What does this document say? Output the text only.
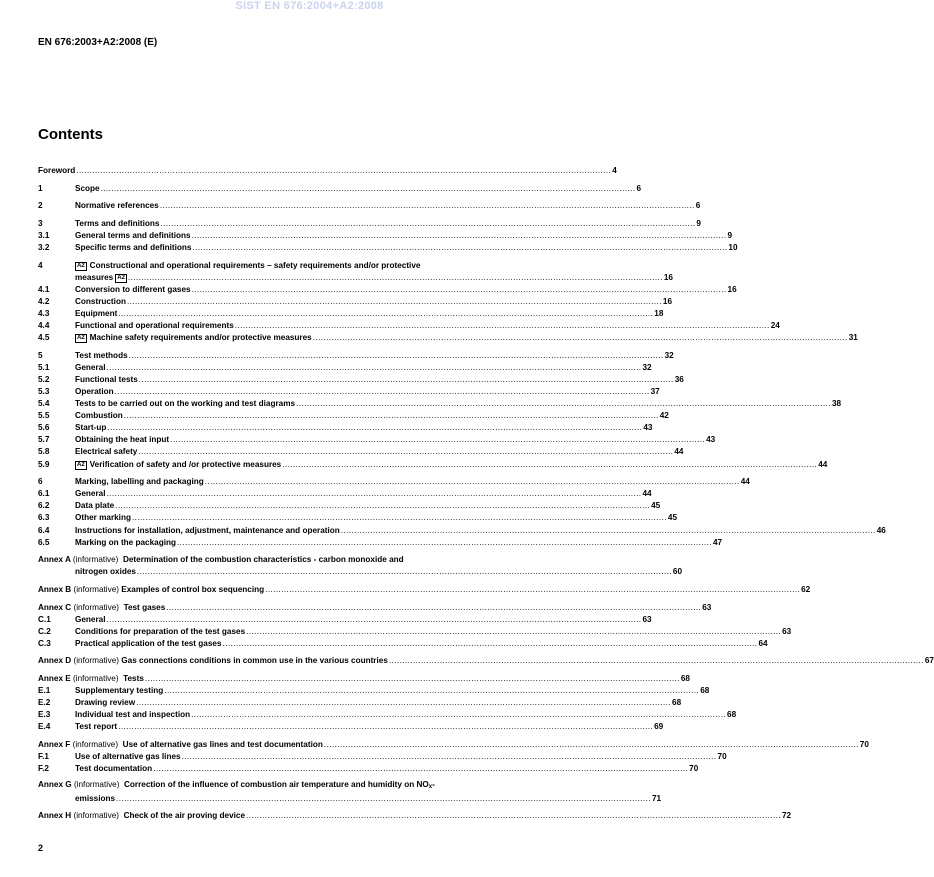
SIST EN 676:2004+A2:2008
EN 676:2003+A2:2008 (E)
Contents
Foreword ........................................................................................................................................................................................................ 4
1	Scope ........................................................................................................................................................................................................ 6
2	Normative references ........................................................................................................................................................................................................ 6
3	Terms and definitions ........................................................................................................................................................................................................ 9
3.1	General terms and definitions ........................................................................................................................................................................................................ 9
3.2	Specific terms and definitions ........................................................................................................................................................................................................ 10
4	A2 Constructional and operational requirements – safety requirements and/or protective
measures A2 ........................................................................................................................................................................................................ 16
4.1	Conversion to different gases ........................................................................................................................................................................................................ 16
4.2	Construction ........................................................................................................................................................................................................ 16
4.3	Equipment ........................................................................................................................................................................................................ 18
4.4	Functional and operational requirements ........................................................................................................................................................................................................ 24
4.5	A2 Machine safety requirements and/or protective measures ........................................................................................................................................................................................................ 31
5	Test methods ........................................................................................................................................................................................................ 32
5.1	General ........................................................................................................................................................................................................ 32
5.2	Functional tests ........................................................................................................................................................................................................ 36
5.3	Operation ........................................................................................................................................................................................................ 37
5.4	Tests to be carried out on the working and test diagrams ........................................................................................................................................................................................................ 38
5.5	Combustion ........................................................................................................................................................................................................ 42
5.6	Start-up ........................................................................................................................................................................................................ 43
5.7	Obtaining the heat input ........................................................................................................................................................................................................ 43
5.8	Electrical safety ........................................................................................................................................................................................................ 44
5.9	A2 Verification of safety and /or protective measures ........................................................................................................................................................................................................ 44
6	Marking, labelling and packaging ........................................................................................................................................................................................................ 44
6.1	General ........................................................................................................................................................................................................ 44
6.2	Data plate ........................................................................................................................................................................................................ 45
6.3	Other marking ........................................................................................................................................................................................................ 45
6.4	Instructions for installation, adjustment, maintenance and operation ........................................................................................................................................................................................................ 46
6.5	Marking on the packaging ........................................................................................................................................................................................................ 47
Annex A (informative) Determination of the combustion characteristics - carbon monoxide and
nitrogen oxides ........................................................................................................................................................................................................ 60
Annex B (informative) Examples of control box sequencing ........................................................................................................................................................................................................ 62
Annex C (informative) Test gases ........................................................................................................................................................................................................ 63
C.1	General ........................................................................................................................................................................................................ 63
C.2	Conditions for preparation of the test gases ........................................................................................................................................................................................................ 63
C.3	Practical application of the test gases ........................................................................................................................................................................................................ 64
Annex D (informative) Gas connections conditions in common use in the various countries ........................................................................................................................................................................................................ 67
Annex E (informative) Tests ........................................................................................................................................................................................................ 68
E.1	Supplementary testing ........................................................................................................................................................................................................ 68
E.2	Drawing review ........................................................................................................................................................................................................ 68
E.3	Individual test and inspection ........................................................................................................................................................................................................ 68
E.4	Test report ........................................................................................................................................................................................................ 69
Annex F (informative) Use of alternative gas lines and test documentation ........................................................................................................................................................................................................ 70
F.1	Use of alternative gas lines ........................................................................................................................................................................................................ 70
F.2	Test documentation ........................................................................................................................................................................................................ 70
Annex G (informative) Correction of the influence of combustion air temperature and humidity on $NO_x-$
emissions ........................................................................................................................................................................................................ 71
Annex H (informative) Check of the air proving device ........................................................................................................................................................................................................ 72
2
